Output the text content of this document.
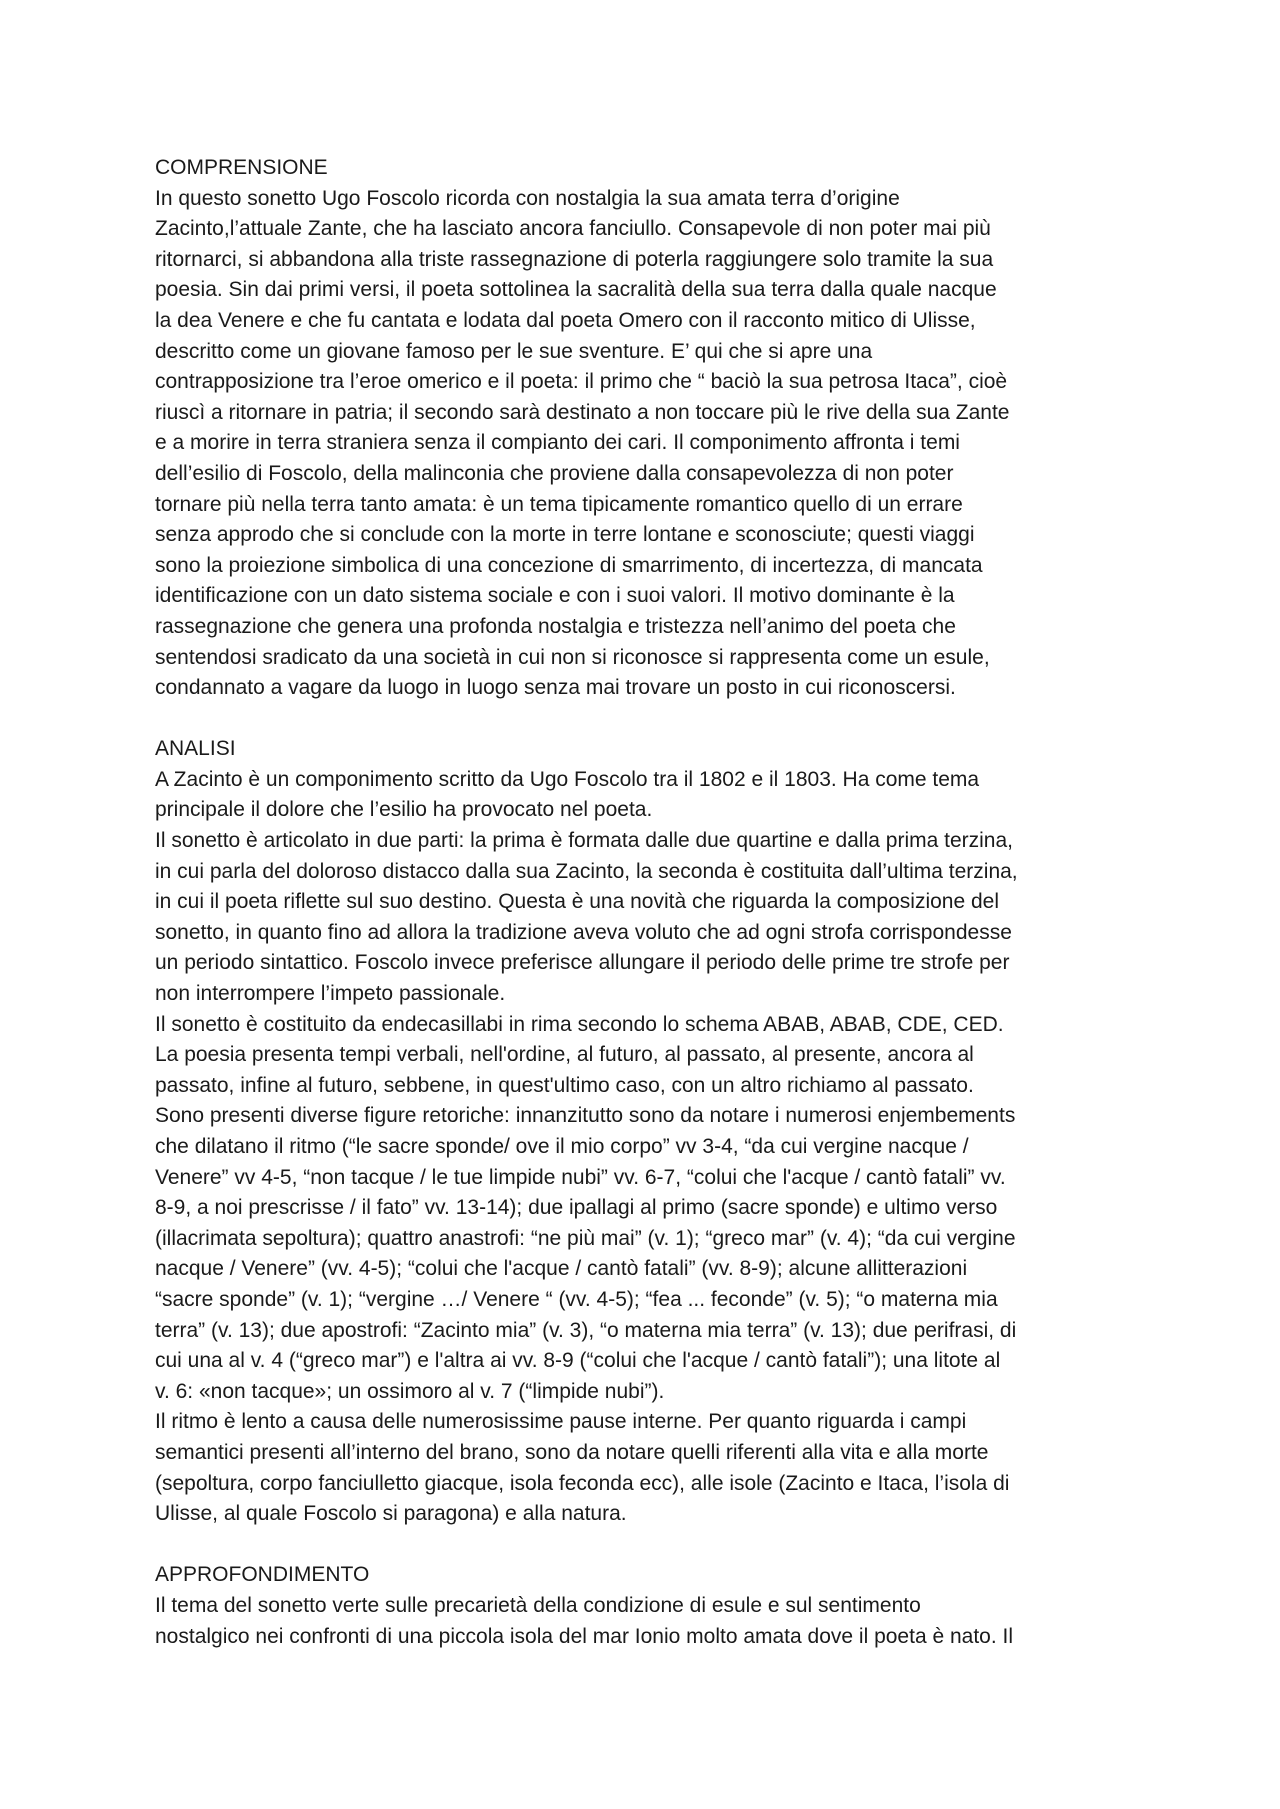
COMPRENSIONE

In questo sonetto Ugo Foscolo ricorda con nostalgia la sua amata terra d’origine
Zacinto,l’attuale Zante, che ha lasciato ancora fanciullo. Consapevole di non poter mai più
ritornarci, si abbandona alla triste rassegnazione di poterla raggiungere solo tramite la sua
poesia. Sin dai primi versi, il poeta sottolinea la sacralità della sua terra dalla quale nacque
la dea Venere e che fu cantata e lodata dal poeta Omero con il racconto mitico di Ulisse,
descritto come un giovane famoso per le sue sventure. E’ qui che si apre una
contrapposizione tra l’eroe omerico e il poeta: il primo che “ baciò la sua petrosa Itaca”, cioè
riuscì a ritornare in patria; il secondo sarà destinato a non toccare più le rive della sua Zante
e a morire in terra straniera senza il compianto dei cari. Il componimento affronta i temi
dell’esilio di Foscolo, della malinconia che proviene dalla consapevolezza di non poter
tornare più nella terra tanto amata: è un tema tipicamente romantico quello di un errare
senza approdo che si conclude con la morte in terre lontane e sconosciute; questi viaggi
sono la proiezione simbolica di una concezione di smarrimento, di incertezza, di mancata
identificazione con un dato sistema sociale e con i suoi valori. Il motivo dominante è la
rassegnazione che genera una profonda nostalgia e tristezza nell’animo del poeta che
sentendosi sradicato da una società in cui non si riconosce si rappresenta come un esule,
condannato a vagare da luogo in luogo senza mai trovare un posto in cui riconoscersi.

ANALISI

A Zacinto è un componimento scritto da Ugo Foscolo tra il 1802 e il 1803. Ha come tema
principale il dolore che l’esilio ha provocato nel poeta.

Il sonetto è articolato in due parti: la prima è formata dalle due quartine e dalla prima terzina,
in cui parla del doloroso distacco dalla sua Zacinto, la seconda è costituita dall’ultima terzina,
in cui il poeta riflette sul suo destino. Questa è una novità che riguarda la composizione del
sonetto, in quanto fino ad allora la tradizione aveva voluto che ad ogni strofa corrispondesse
un periodo sintattico. Foscolo invece preferisce allungare il periodo delle prime tre strofe per
non interrompere l’impeto passionale.

Il sonetto è costituito da endecasillabi in rima secondo lo schema ABAB, ABAB, CDE, CED.
La poesia presenta tempi verbali, nell'ordine, al futuro, al passato, al presente, ancora al
passato, infine al futuro, sebbene, in quest'ultimo caso, con un altro richiamo al passato.
Sono presenti diverse figure retoriche: innanzitutto sono da notare i numerosi enjembements
che dilatano il ritmo (“le sacre sponde/ ove il mio corpo” vv 3-4, “da cui vergine nacque /
Venere” vv 4-5, “non tacque / le tue limpide nubi” vv. 6-7, “colui che l'acque / cantò fatali” vv.
8-9, a noi prescrisse / il fato” vv. 13-14); due ipallagi al primo (sacre sponde) e ultimo verso
(illacrimata sepoltura); quattro anastrofi: “ne più mai” (v. 1); “greco mar” (v. 4); “da cui vergine
nacque / Venere” (vv. 4-5); “colui che l'acque / cantò fatali” (vv. 8-9); alcune allitterazioni
“sacre sponde” (v. 1); “vergine …/ Venere “ (vv. 4-5); “fea ... feconde” (v. 5); “o materna mia
terra” (v. 13); due apostrofi: “Zacinto mia” (v. 3), “o materna mia terra” (v. 13); due perifrasi, di
cui una al v. 4 (“greco mar”) e l'altra ai vv. 8-9 (“colui che l'acque / cantò fatali”); una litote al
v. 6: «non tacque»; un ossimoro al v. 7 (“limpide nubi”).

Il ritmo è lento a causa delle numerosissime pause interne. Per quanto riguarda i campi
semantici presenti all’interno del brano, sono da notare quelli riferenti alla vita e alla morte
(sepoltura, corpo fanciulletto giacque, isola feconda ecc), alle isole (Zacinto e Itaca, l’isola di
Ulisse, al quale Foscolo si paragona) e alla natura.

APPROFONDIMENTO

Il tema del sonetto verte sulle precarietà della condizione di esule e sul sentimento
nostalgico nei confronti di una piccola isola del mar Ionio molto amata dove il poeta è nato. Il
